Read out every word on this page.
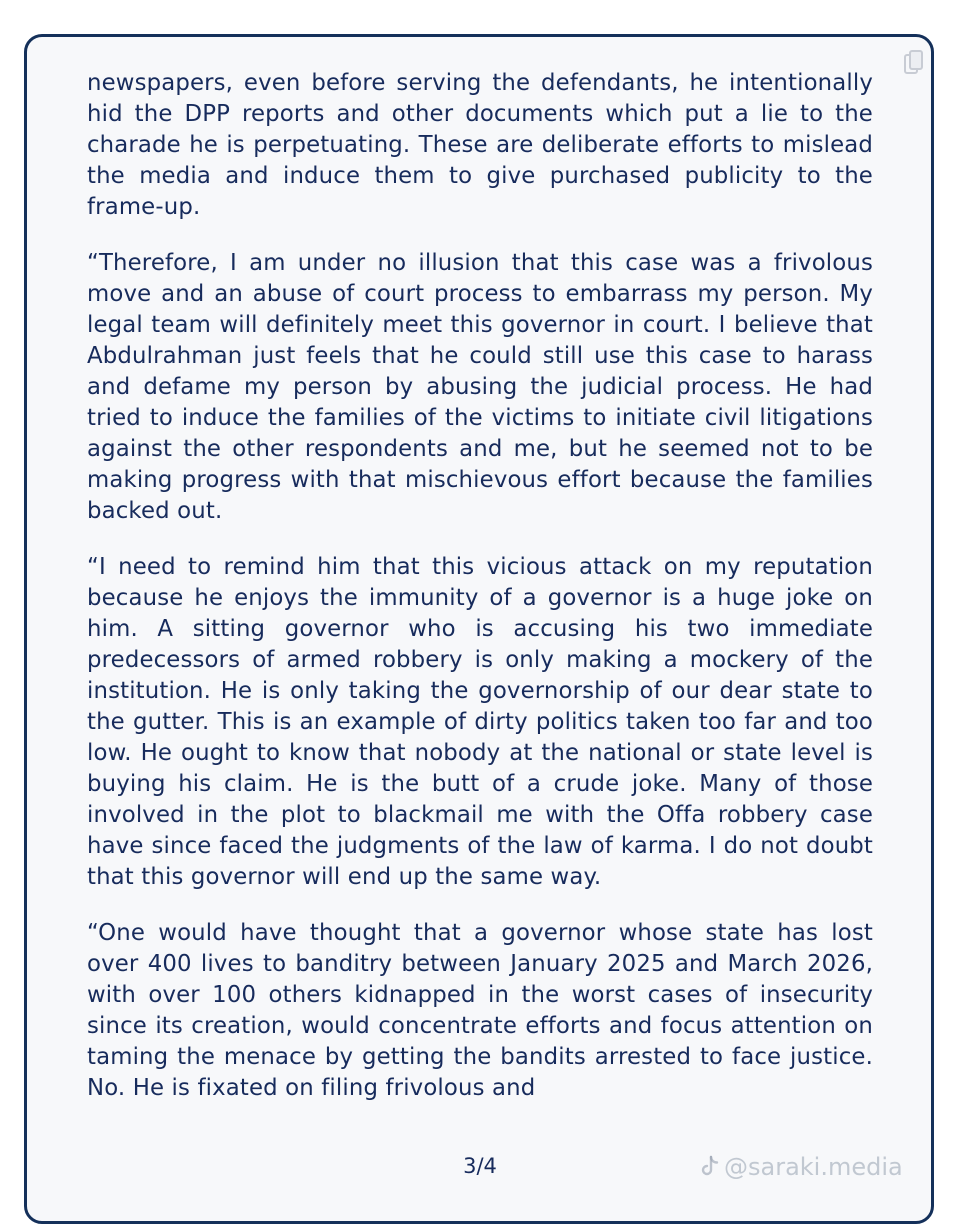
newspapers, even before serving the defendants, he intentionally hid the DPP reports and other documents which put a lie to the charade he is perpetuating. These are deliberate efforts to mislead the media and induce them to give purchased publicity to the frame-up.

“Therefore, I am under no illusion that this case was a frivolous move and an abuse of court process to embarrass my person. My legal team will definitely meet this governor in court. I believe that Abdulrahman just feels that he could still use this case to harass and defame my person by abusing the judicial process. He had tried to induce the families of the victims to initiate civil litigations against the other respondents and me, but he seemed not to be making progress with that mischievous effort because the families backed out.

“I need to remind him that this vicious attack on my reputation because he enjoys the immunity of a governor is a huge joke on him. A sitting governor who is accusing his two immediate predecessors of armed robbery is only making a mockery of the institution. He is only taking the governorship of our dear state to the gutter. This is an example of dirty politics taken too far and too low. He ought to know that nobody at the national or state level is buying his claim. He is the butt of a crude joke. Many of those involved in the plot to blackmail me with the Offa robbery case have since faced the judgments of the law of karma. I do not doubt that this governor will end up the same way.

“One would have thought that a governor whose state has lost over 400 lives to banditry between January 2025 and March 2026, with over 100 others kidnapped in the worst cases of insecurity since its creation, would concentrate efforts and focus attention on taming the menace by getting the bandits arrested to face justice. No. He is fixated on filing frivolous and

3/4	@saraki.media
